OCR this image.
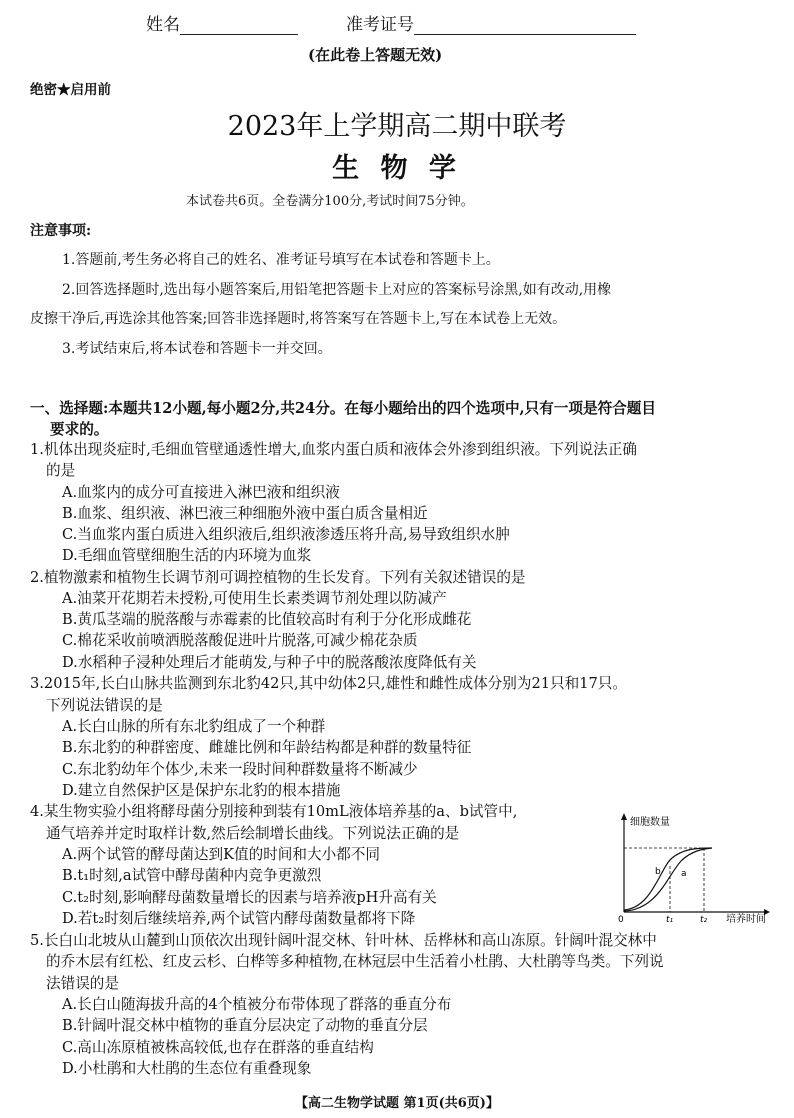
姓名	准考证号
(在此卷上答题无效)
绝密★启用前
2023年上学期高二期中联考
生 物 学
本试卷共6页。全卷满分100分,考试时间75分钟。
注意事项:
1.答题前,考生务必将自己的姓名、准考证号填写在本试卷和答题卡上。
2.回答选择题时,选出每小题答案后,用铅笔把答题卡上对应的答案标号涂黑,如有改动,用橡
皮擦干净后,再选涂其他答案;回答非选择题时,将答案写在答题卡上,写在本试卷上无效。
3.考试结束后,将本试卷和答题卡一并交回。
一、选择题:本题共12小题,每小题2分,共24分。在每小题给出的四个选项中,只有一项是符合题目
要求的。
1.机体出现炎症时,毛细血管壁通透性增大,血浆内蛋白质和液体会外渗到组织液。下列说法正确
的是
A.血浆内的成分可直接进入淋巴液和组织液
B.血浆、组织液、淋巴液三种细胞外液中蛋白质含量相近
C.当血浆内蛋白质进入组织液后,组织液渗透压将升高,易导致组织水肿
D.毛细血管壁细胞生活的内环境为血浆
2.植物激素和植物生长调节剂可调控植物的生长发育。下列有关叙述错误的是
A.油菜开花期若未授粉,可使用生长素类调节剂处理以防减产
B.黄瓜茎端的脱落酸与赤霉素的比值较高时有利于分化形成雌花
C.棉花采收前喷洒脱落酸促进叶片脱落,可减少棉花杂质
D.水稻种子浸种处理后才能萌发,与种子中的脱落酸浓度降低有关
3.2015年,长白山脉共监测到东北豹42只,其中幼体2只,雄性和雌性成体分别为21只和17只。
下列说法错误的是
A.长白山脉的所有东北豹组成了一个种群
B.东北豹的种群密度、雌雄比例和年龄结构都是种群的数量特征
C.东北豹幼年个体少,未来一段时间种群数量将不断减少
D.建立自然保护区是保护东北豹的根本措施
4.某生物实验小组将酵母菌分别接种到装有10mL液体培养基的a、b试管中,
通气培养并定时取样计数,然后绘制增长曲线。下列说法正确的是
A.两个试管的酵母菌达到K值的时间和大小都不同
B.t₁时刻,a试管中酵母菌种内竞争更激烈
C.t₂时刻,影响酵母菌数量增长的因素与培养液pH升高有关
D.若t₂时刻后继续培养,两个试管内酵母菌数量都将下降
细胞数量
培养时间
0	t₁	t₂
b a
5.长白山北坡从山麓到山顶依次出现针阔叶混交林、针叶林、岳桦林和高山冻原。针阔叶混交林中
的乔木层有红松、红皮云杉、白桦等多种植物,在林冠层中生活着小杜鹃、大杜鹃等鸟类。下列说
法错误的是
A.长白山随海拔升高的4个植被分布带体现了群落的垂直分布
B.针阔叶混交林中植物的垂直分层决定了动物的垂直分层
C.高山冻原植被株高较低,也存在群落的垂直结构
D.小杜鹃和大杜鹃的生态位有重叠现象
【高二生物学试题 第1页(共6页)】
